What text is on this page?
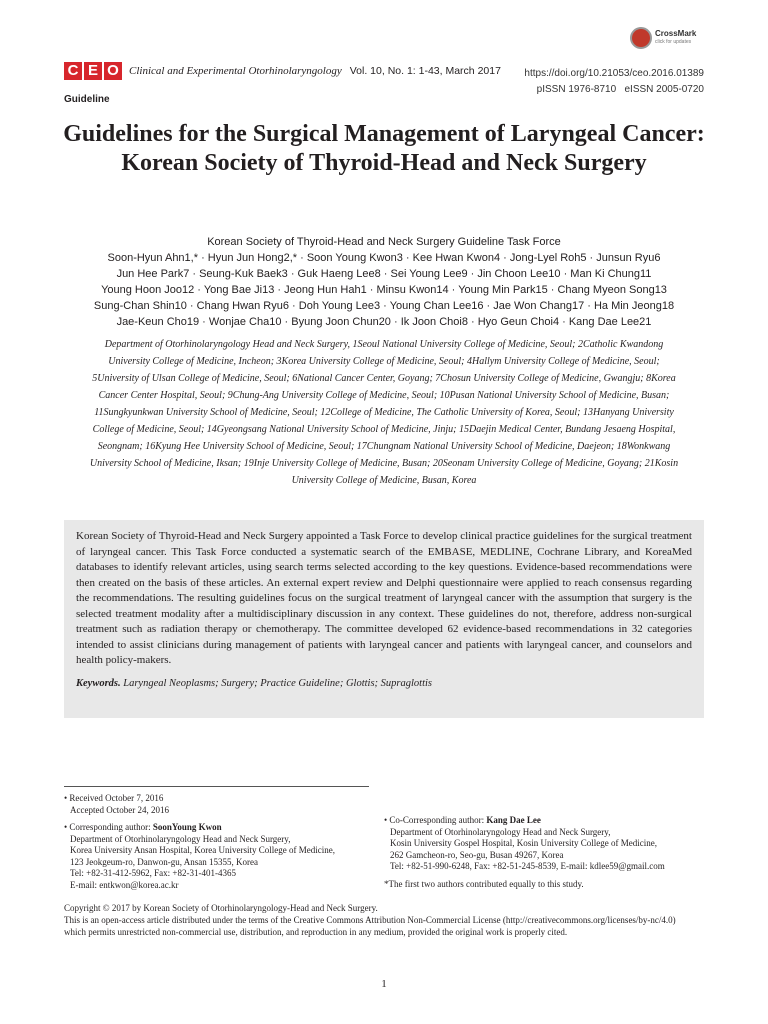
C E O Clinical and Experimental Otorhinolaryngology Vol. 10, No. 1: 1-43, March 2017
CrossMark
click for updates
https://doi.org/10.21053/ceo.2016.01389
pISSN 1976-8710   eISSN 2005-0720
Guideline
Guidelines for the Surgical Management of Laryngeal Cancer: Korean Society of Thyroid-Head and Neck Surgery
Korean Society of Thyroid-Head and Neck Surgery Guideline Task Force
Soon-Hyun Ahn1,* · Hyun Jun Hong2,* · Soon Young Kwon3 · Kee Hwan Kwon4 · Jong-Lyel Roh5 · Junsun Ryu6
Jun Hee Park7 · Seung-Kuk Baek3 · Guk Haeng Lee8 · Sei Young Lee9 · Jin Choon Lee10 · Man Ki Chung11
Young Hoon Joo12 · Yong Bae Ji13 · Jeong Hun Hah1 · Minsu Kwon14 · Young Min Park15 · Chang Myeon Song13
Sung-Chan Shin10 · Chang Hwan Ryu6 · Doh Young Lee3 · Young Chan Lee16 · Jae Won Chang17 · Ha Min Jeong18
Jae-Keun Cho19 · Wonjae Cha10 · Byung Joon Chun20 · Ik Joon Choi8 · Hyo Geun Choi4 · Kang Dae Lee21
Department of Otorhinolaryngology Head and Neck Surgery, 1Seoul National University College of Medicine, Seoul; 2Catholic Kwandong
University College of Medicine, Incheon; 3Korea University College of Medicine, Seoul; 4Hallym University College of Medicine, Seoul;
5University of Ulsan College of Medicine, Seoul; 6National Cancer Center, Goyang; 7Chosun University College of Medicine, Gwangju; 8Korea
Cancer Center Hospital, Seoul; 9Chung-Ang University College of Medicine, Seoul; 10Pusan National University School of Medicine, Busan;
11Sungkyunkwan University School of Medicine, Seoul; 12College of Medicine, The Catholic University of Korea, Seoul; 13Hanyang University
College of Medicine, Seoul; 14Gyeongsang National University School of Medicine, Jinju; 15Daejin Medical Center, Bundang Jesaeng Hospital,
Seongnam; 16Kyung Hee University School of Medicine, Seoul; 17Chungnam National University School of Medicine, Daejeon; 18Wonkwang
University School of Medicine, Iksan; 19Inje University College of Medicine, Busan; 20Seonam University College of Medicine, Goyang; 21Kosin
University College of Medicine, Busan, Korea
Korean Society of Thyroid-Head and Neck Surgery appointed a Task Force to develop clinical practice guidelines for the surgical treatment of laryngeal cancer. This Task Force conducted a systematic search of the EMBASE, MEDLINE, Cochrane Library, and KoreaMed databases to identify relevant articles, using search terms selected according to the key questions. Evidence-based recommendations were then created on the basis of these articles. An external expert review and Delphi questionnaire were applied to reach consensus regarding the recommendations. The resulting guidelines focus on the surgical treatment of laryngeal cancer with the assumption that surgery is the selected treatment modality after a multidisciplinary discussion in any context. These guidelines do not, therefore, address non-surgical treatment such as radiation therapy or chemotherapy. The committee developed 62 evidence-based recommendations in 32 categories intended to assist clinicians during management of patients with laryngeal cancer and patients with laryngeal cancer, and counselors and health policy-makers.
Keywords. Laryngeal Neoplasms; Surgery; Practice Guideline; Glottis; Supraglottis
• Received October 7, 2016
Accepted October 24, 2016
• Corresponding author: SoonYoung Kwon
Department of Otorhinolaryngology Head and Neck Surgery,
Korea University Ansan Hospital, Korea University College of Medicine,
123 Jeokgeum-ro, Danwon-gu, Ansan 15355, Korea
Tel: +82-31-412-5962, Fax: +82-31-401-4365
E-mail: entkwon@korea.ac.kr
• Co-Corresponding author: Kang Dae Lee
Department of Otorhinolaryngology Head and Neck Surgery,
Kosin University Gospel Hospital, Kosin University College of Medicine,
262 Gamcheon-ro, Seo-gu, Busan 49267, Korea
Tel: +82-51-990-6248, Fax: +82-51-245-8539, E-mail: kdlee59@gmail.com
*The first two authors contributed equally to this study.
Copyright © 2017 by Korean Society of Otorhinolaryngology-Head and Neck Surgery.
This is an open-access article distributed under the terms of the Creative Commons Attribution Non-Commercial License (http://creativecommons.org/licenses/by-nc/4.0)
which permits unrestricted non-commercial use, distribution, and reproduction in any medium, provided the original work is properly cited.
1
